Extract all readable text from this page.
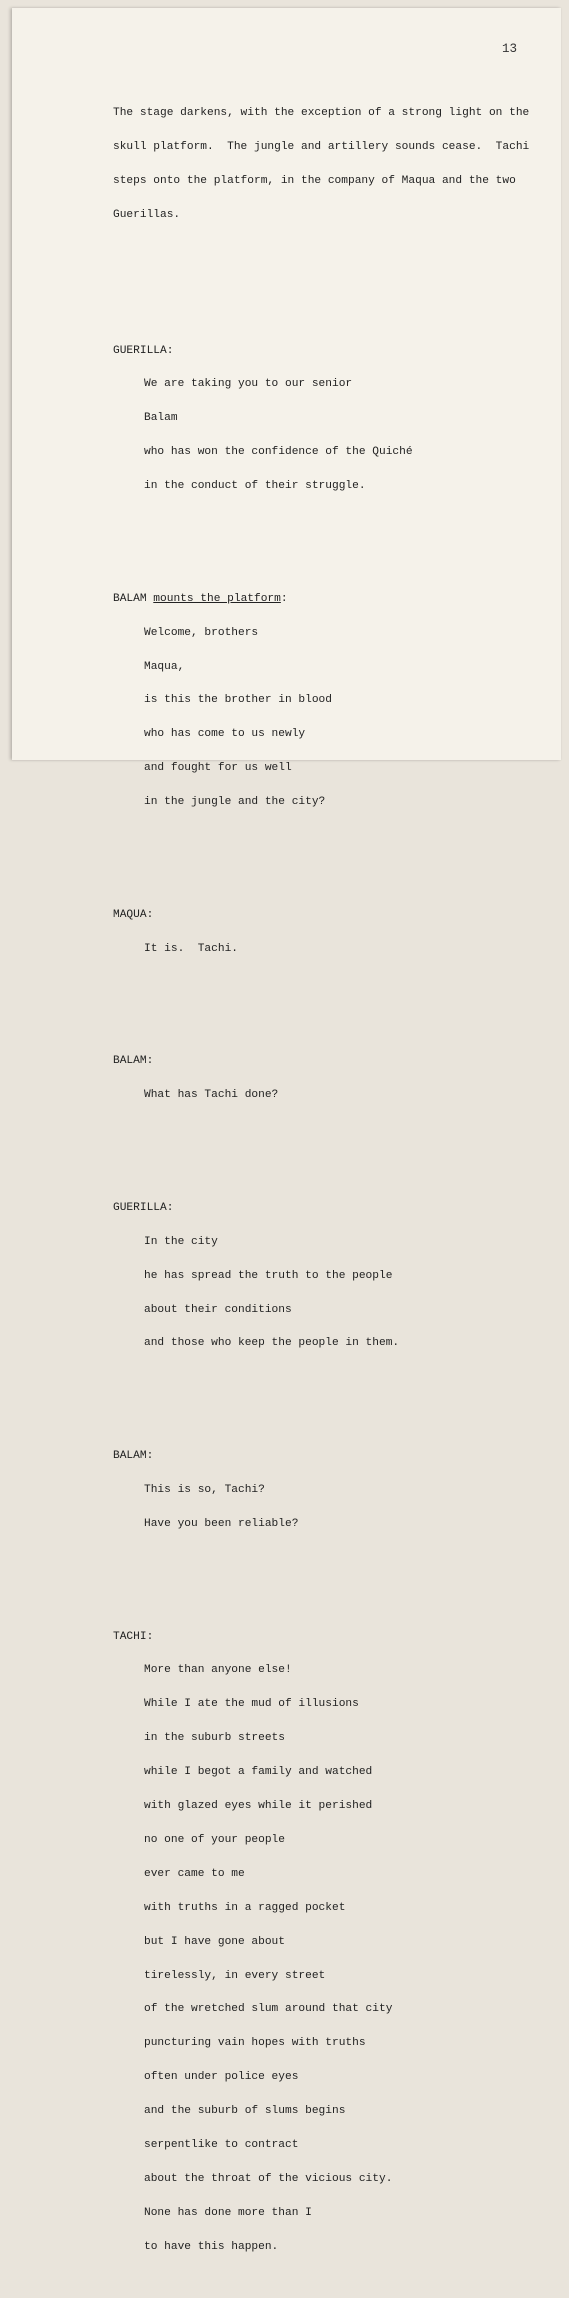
13

The stage darkens, with the exception of a strong light on the

skull platform.  The jungle and artillery sounds cease.  Tachi

steps onto the platform, in the company of Maqua and the two

Guerillas.

GUERILLA:

We are taking you to our senior

Balam

who has won the confidence of the Quiché

in the conduct of their struggle.

BALAM mounts the platform:

Welcome, brothers

Maqua,

is this the brother in blood

who has come to us newly

and fought for us well

in the jungle and the city?

MAQUA:

It is.  Tachi.

BALAM:

What has Tachi done?

GUERILLA:

In the city

he has spread the truth to the people

about their conditions

and those who keep the people in them.

BALAM:

This is so, Tachi?

Have you been reliable?

TACHI:

More than anyone else!

While I ate the mud of illusions

in the suburb streets

while I begot a family and watched

with glazed eyes while it perished

no one of your people

ever came to me

with truths in a ragged pocket

but I have gone about

tirelessly, in every street

of the wretched slum around that city

puncturing vain hopes with truths

often under police eyes

and the suburb of slums begins

serpentlike to contract

about the throat of the vicious city.

None has done more than I

to have this happen.
